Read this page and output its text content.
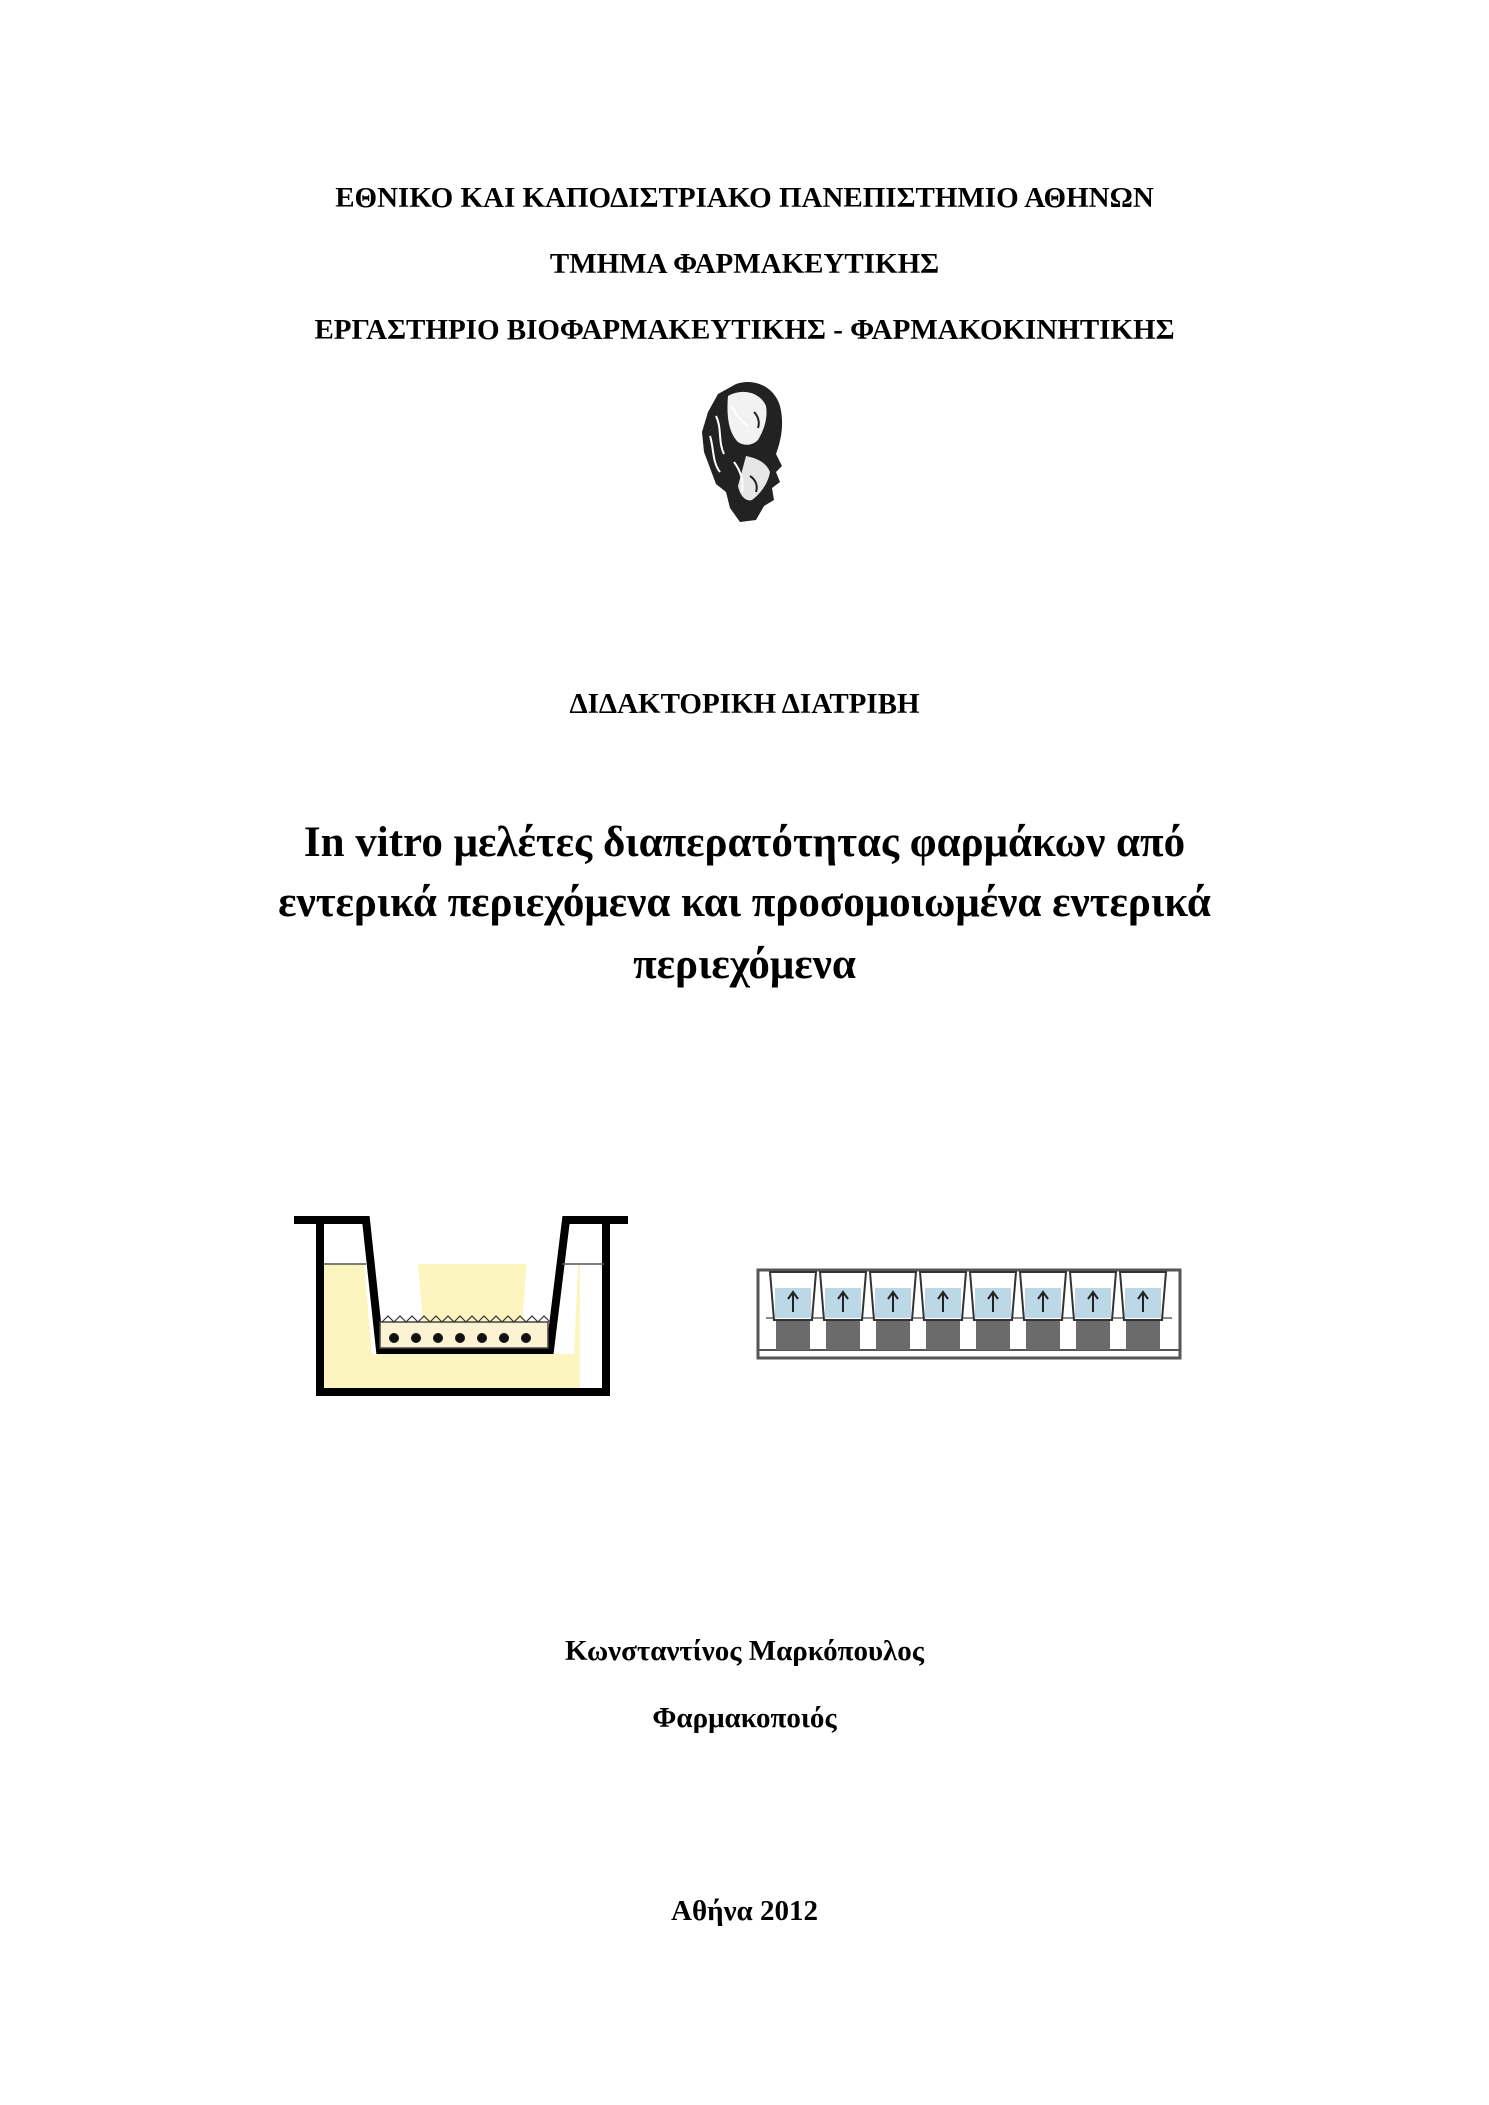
ΕΘΝΙΚΟ ΚΑΙ ΚΑΠΟΔΙΣΤΡΙΑΚΟ ΠΑΝΕΠΙΣΤΗΜΙΟ ΑΘΗΝΩΝ
ΤΜΗΜΑ ΦΑΡΜΑΚΕΥΤΙΚΗΣ
ΕΡΓΑΣΤΗΡΙΟ ΒΙΟΦΑΡΜΑΚΕΥΤΙΚΗΣ - ΦΑΡΜΑΚΟΚΙΝΗΤΙΚΗΣ
ΔΙΔΑΚΤΟΡΙΚΗ ΔΙΑΤΡΙΒΗ
In vitro μελέτες διαπερατότητας φαρμάκων από
εντερικά περιεχόμενα και προσομοιωμένα εντερικά
περιεχόμενα
Κωνσταντίνος Μαρκόπουλος
Φαρμακοποιός
Αθήνα 2012
